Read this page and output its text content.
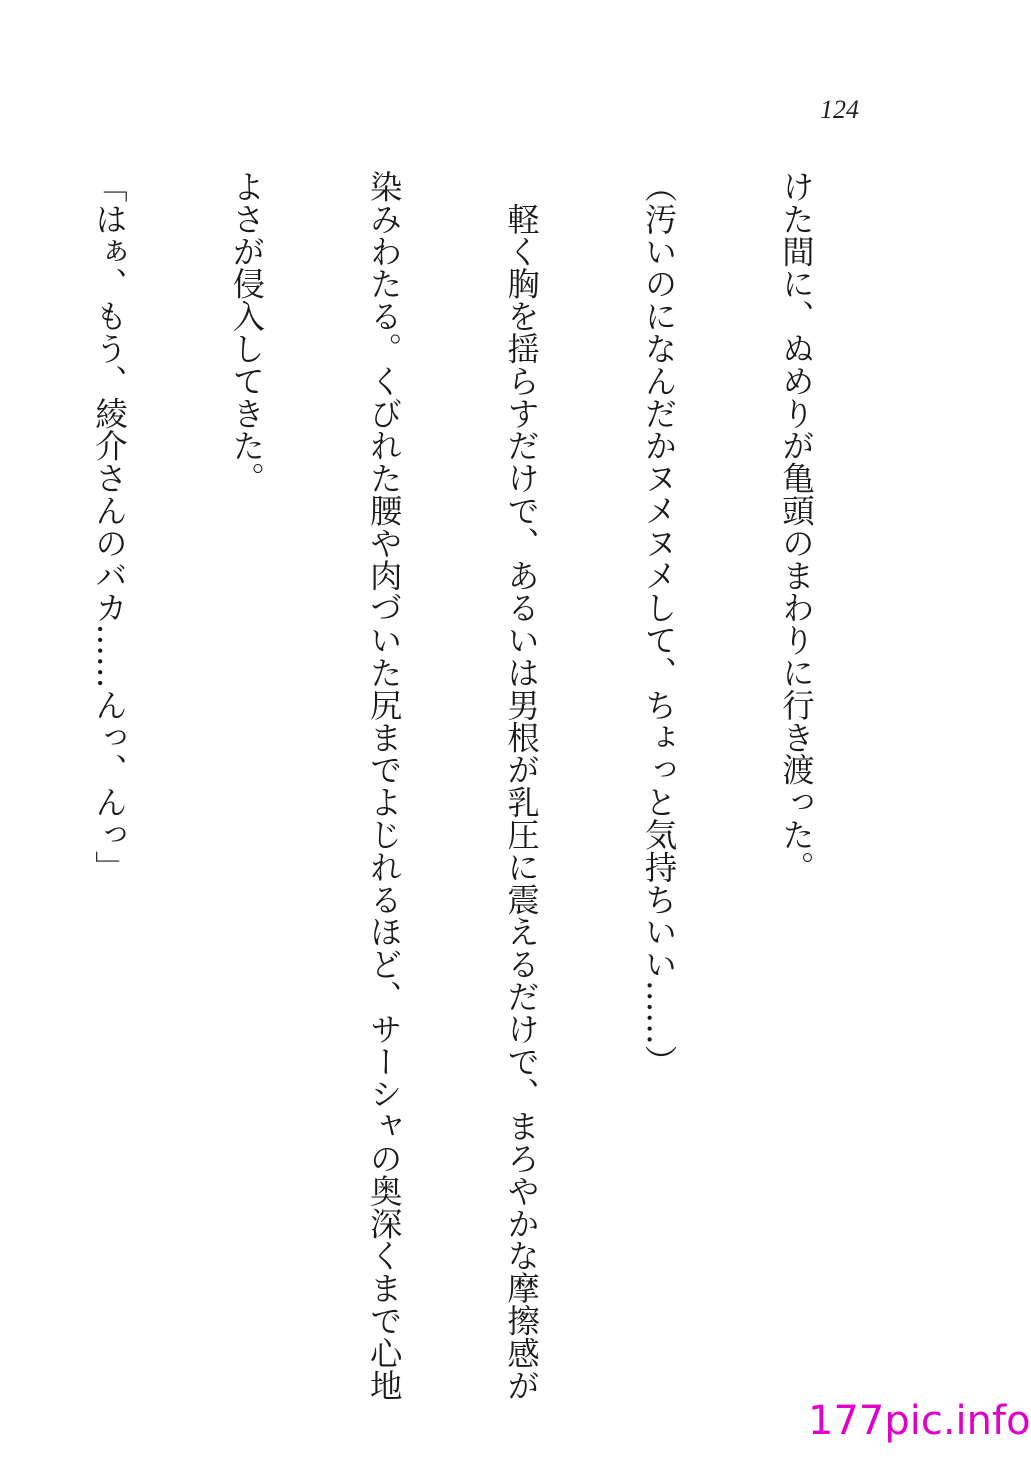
124

けた間に、ぬめりが亀頭のまわりに行き渡った。

（汚いのになんだかヌメヌメして、ちょっと気持ちいい……）

　軽く胸を揺らすだけで、あるいは男根が乳圧に震えるだけで、まろやかな摩擦感が

染みわたる。くびれた腰や肉づいた尻までよじれるほど、サーシャの奥深くまで心地

よさが侵入してきた。

「はぁ、もう、綾介さんのバカ……んっ、んっ」

177pic.info
